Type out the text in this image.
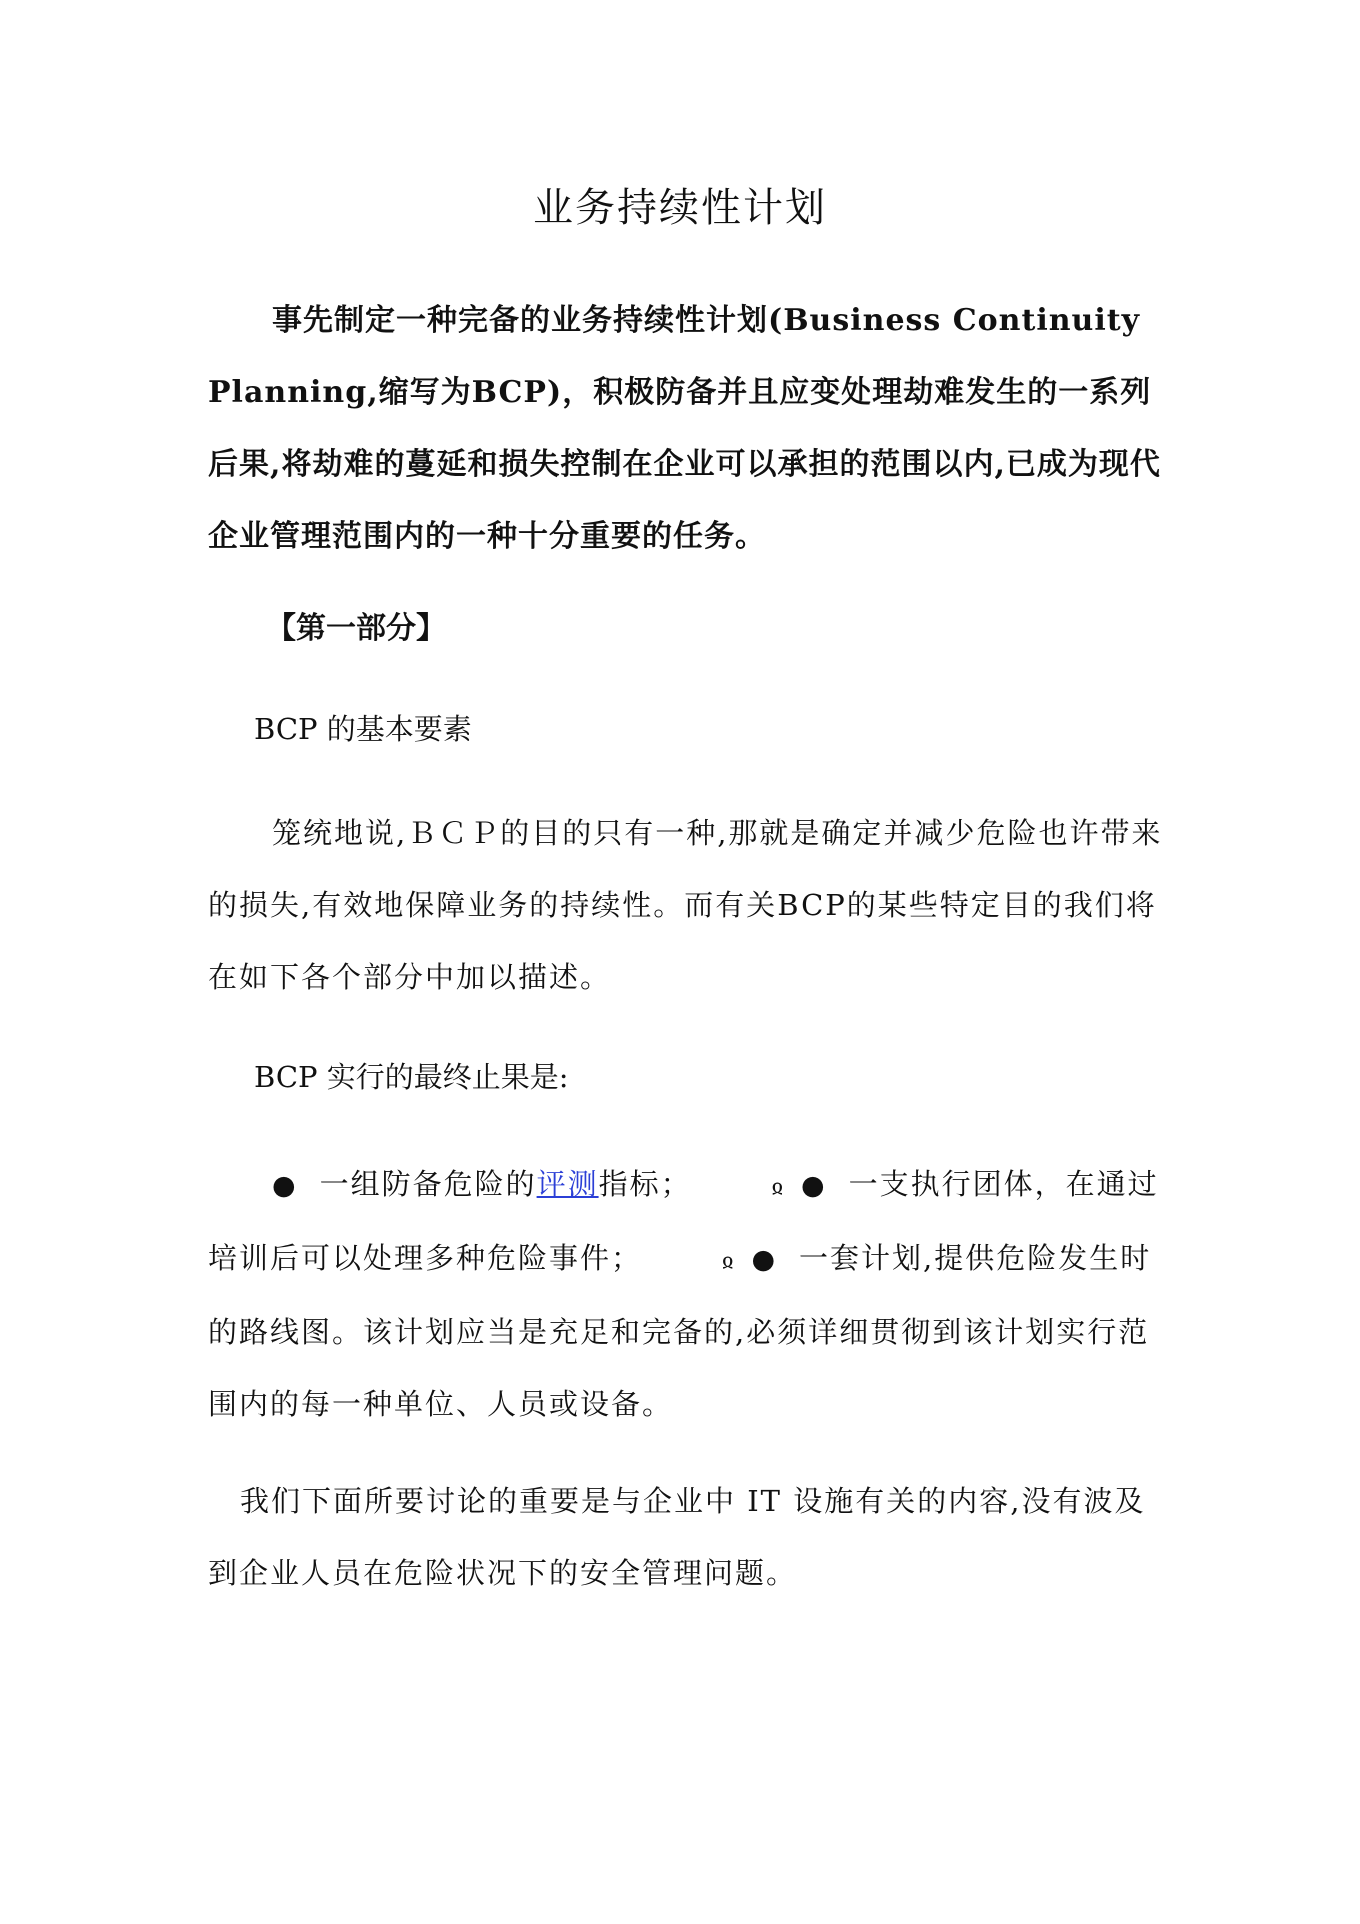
业务持续性计划

事先制定一种完备的业务持续性计划(Business Continuity Planning,缩写为BCP)，积极防备并且应变处理劫难发生的一系列后果,将劫难的蔓延和损失控制在企业可以承担的范围以内,已成为现代企业管理范围内的一种十分重要的任务。

【第一部分】

BCP 的基本要素

笼统地说,ＢＣＰ的目的只有一种,那就是确定并减少危险也许带来的损失,有效地保障业务的持续性。而有关BCP的某些特定目的我们将在如下各个部分中加以描述。

BCP 实行的最终止果是:

● 一组防备危险的评测指标；	ჲ ● 一支执行团体，在通过培训后可以处理多种危险事件；	ჲ ● 一套计划,提供危险发生时的路线图。该计划应当是充足和完备的,必须详细贯彻到该计划实行范围内的每一种单位、人员或设备。

我们下面所要讨论的重要是与企业中 IT 设施有关的内容,没有波及到企业人员在危险状况下的安全管理问题。
